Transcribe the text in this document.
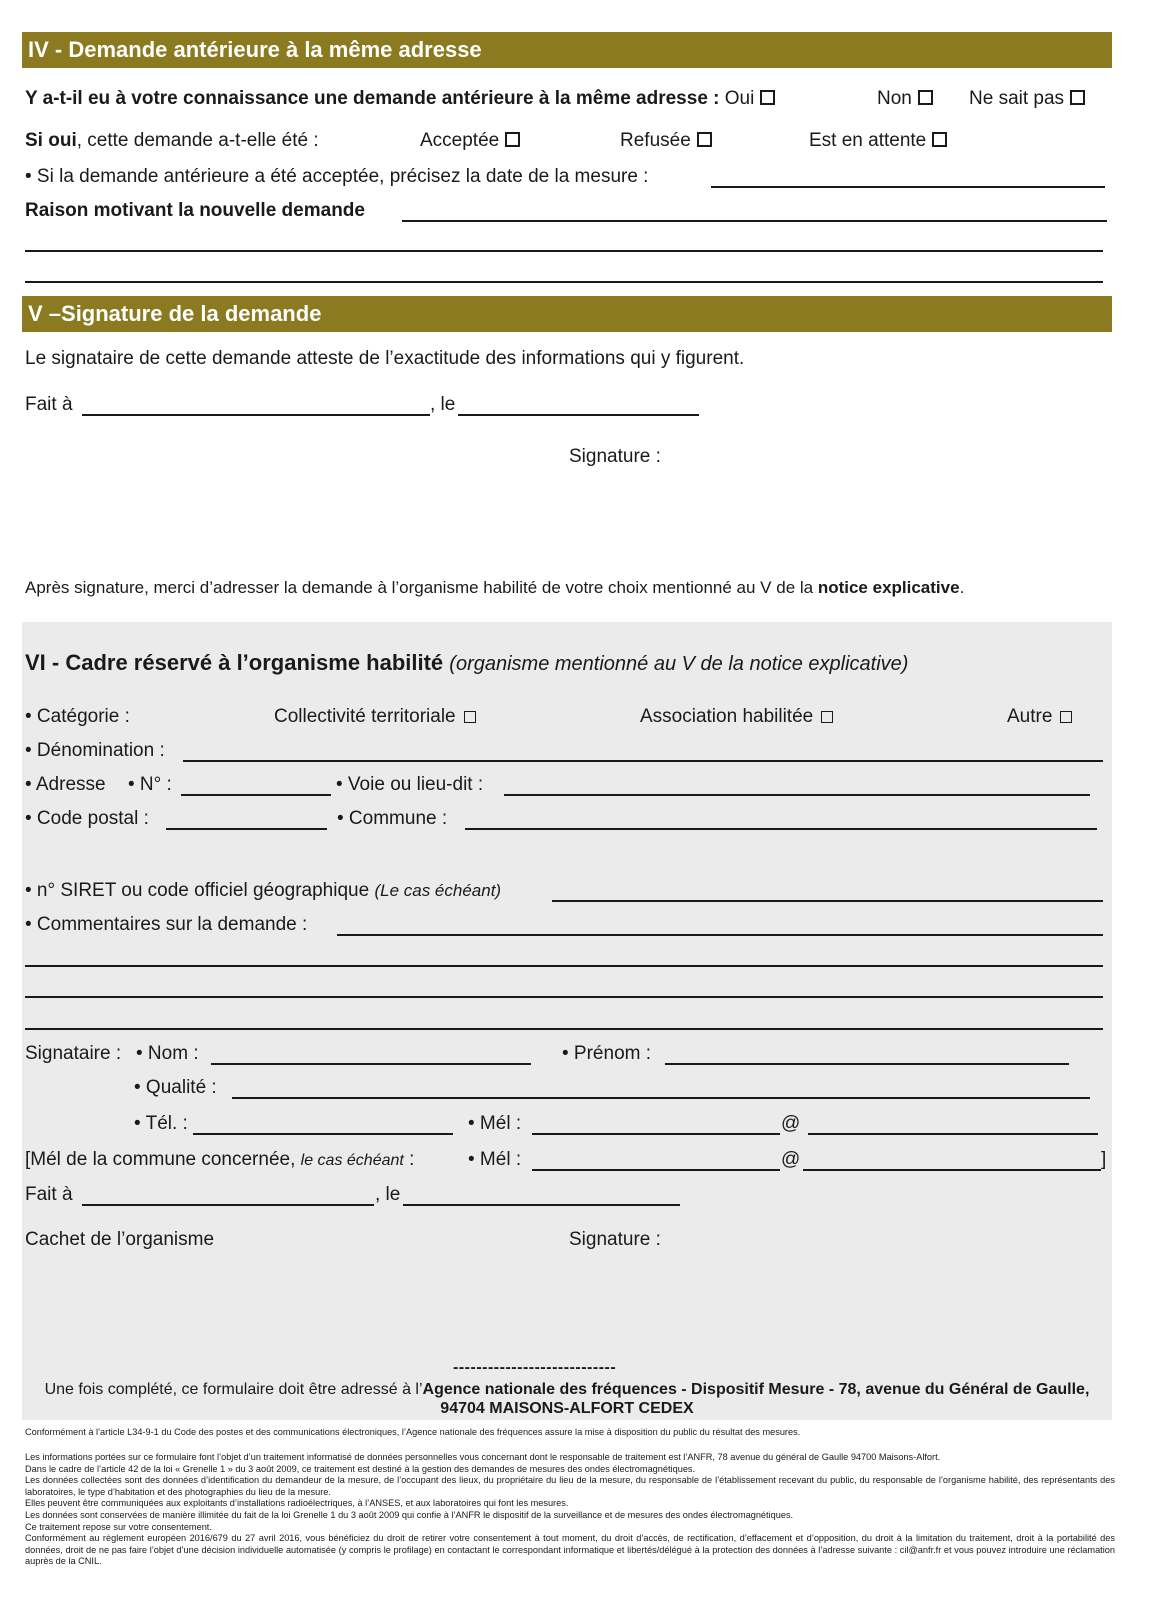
IV - Demande antérieure à la même adresse
Y a-t-il eu à votre connaissance une demande antérieure à la même adresse : Oui	Non	Ne sait pas
Si oui, cette demande a-t-elle été :	Acceptée	Refusée	Est en attente
• Si la demande antérieure a été acceptée, précisez la date de la mesure :
Raison motivant la nouvelle demande
V –Signature de la demande
Le signataire de cette demande atteste de l’exactitude des informations qui y figurent.
Fait à	, le
Signature :
Après signature, merci d’adresser la demande à l’organisme habilité de votre choix mentionné au V de la notice explicative.
VI - Cadre réservé à l’organisme habilité (organisme mentionné au V de la notice explicative)
• Catégorie :	Collectivité territoriale	Association habilitée	Autre
• Dénomination :
• Adresse • N° :	• Voie ou lieu-dit :
• Code postal :	• Commune :
• n° SIRET ou code officiel géographique (Le cas échéant)
• Commentaires sur la demande :
Signataire : • Nom :	• Prénom :
• Qualité :
• Tél. :	• Mél :	@
[Mél de la commune concernée, le cas échéant :	• Mél :	@	]
Fait à	, le
Cachet de l’organisme	Signature :
----------------------------
Une fois complété, ce formulaire doit être adressé à l’Agence nationale des fréquences - Dispositif Mesure - 78, avenue du Général de Gaulle,
94704 MAISONS-ALFORT CEDEX

Conformément à l’article L34-9-1 du Code des postes et des communications électroniques, l’Agence nationale des fréquences assure la mise à disposition du public du résultat des mesures.

Les informations portées sur ce formulaire font l’objet d’un traitement informatisé de données personnelles vous concernant dont le responsable de traitement est l’ANFR, 78 avenue du général de Gaulle 94700 Maisons-Alfort.

Dans le cadre de l’article 42 de la loi « Grenelle 1 » du 3 août 2009, ce traitement est destiné à la gestion des demandes de mesures des ondes électromagnétiques.

Les données collectées sont des données d’identification du demandeur de la mesure, de l’occupant des lieux, du propriétaire du lieu de la mesure, du responsable de l’établissement recevant du public, du responsable de l’organisme habilité, des représentants des laboratoires, le type d’habitation et des photographies du lieu de la mesure.

Elles peuvent être communiquées aux exploitants d’installations radioélectriques, à l’ANSES, et aux laboratoires qui font les mesures.

Les données sont conservées de manière illimitée du fait de la loi Grenelle 1 du 3 août 2009 qui confie à l’ANFR le dispositif de la surveillance et de mesures des ondes électromagnétiques.

Ce traitement repose sur votre consentement.

Conformément au règlement européen 2016/679 du 27 avril 2016, vous bénéficiez du droit de retirer votre consentement à tout moment, du droit d’accès, de rectification, d’effacement et d’opposition, du droit à la limitation du traitement, droit à la portabilité des données, droit de ne pas faire l’objet d’une décision individuelle automatisée (y compris le profilage) en contactant le correspondant informatique et libertés/délégué à la protection des données à l’adresse suivante : cil@anfr.fr et vous pouvez introduire une réclamation auprès de la CNIL.
